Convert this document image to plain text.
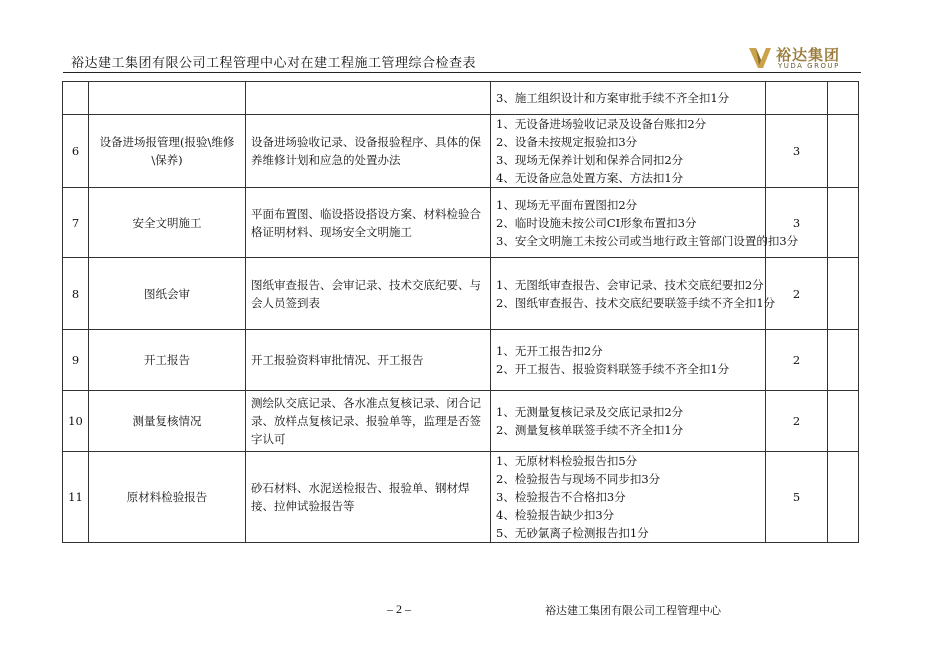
裕达建工集团有限公司工程管理中心对在建工程施工管理综合检查表	裕达集团
YUDA GROUP

			3、施工组织设计和方案审批手续不齐全扣1分		

6	设备进场报管理(报验\维修\保养)	设备进场验收记录、设备报验程序、具体的保养维修计划和应急的处置办法	1、无设备进场验收记录及设备台账扣2分
2、设备未按规定报验扣3分
3、现场无保养计划和保养合同扣2分
4、无设备应急处置方案、方法扣1分	3	
7	安全文明施工	平面布置图、临设搭设搭设方案、材料检验合格证明材料、现场安全文明施工	1、现场无平面布置图扣2分
2、临时设施未按公司CI形象布置扣3分
3、安全文明施工未按公司或当地行政主管部门设置的扣3分	3	
8	图纸会审	图纸审查报告、会审记录、技术交底纪要、与会人员签到表	1、无图纸审查报告、会审记录、技术交底纪要扣2分
2、图纸审查报告、技术交底纪要联签手续不齐全扣1分	2	
9	开工报告	开工报验资料审批情况、开工报告	1、无开工报告扣2分
2、开工报告、报验资料联签手续不齐全扣1分	2	
10	测量复核情况	测绘队交底记录、各水准点复核记录、闭合记录、放样点复核记录、报验单等，监理是否签字认可	1、无测量复核记录及交底记录扣2分
2、测量复核单联签手续不齐全扣1分	2	
11	原材料检验报告	砂石材料、水泥送检报告、报验单、钢材焊接、拉伸试验报告等	1、无原材料检验报告扣5分
2、检验报告与现场不同步扣3分
3、检验报告不合格扣3分
4、检验报告缺少扣3分
5、无砂氯离子检测报告扣1分	5	
– 2 –	裕达建工集团有限公司工程管理中心
